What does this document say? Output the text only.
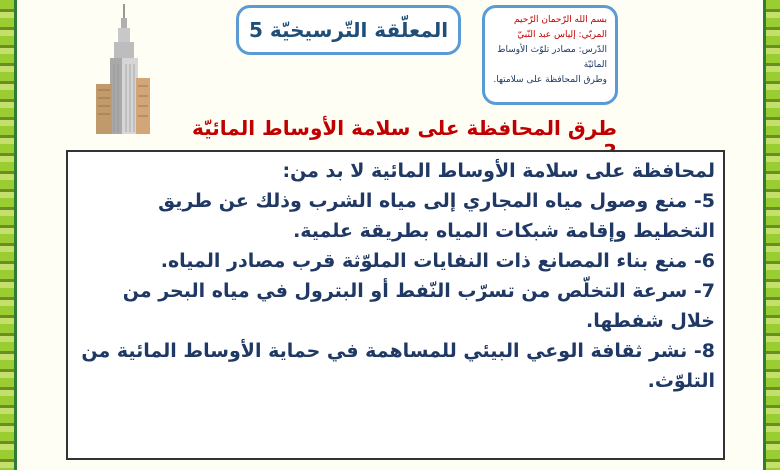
المعلّقة التّرسيخيّة 5	بسم الله الرّحمان الرّحيم
المربّي: إلياس عبد النّبيّ
الدّرس: مصادر تلوّث الأوساط المائيّة
وطرق المحافظة على سلامتها.
طرق المحافظة على سلامة الأوساط المائيّة

لمحافظة على سلامة الأوساط المائية لا بد من:

5- منع وصول مياه المجاري إلى مياه الشرب وذلك عن طريق التخطيط وإقامة شبكات المياه بطريقة علمية.

6- منع بناء المصانع ذات النفايات الملوّثة قرب مصادر المياه.

7- سرعة التخلّص من تسرّب النّفط أو البترول في مياه البحر من خلال شفطها.

8- نشر ثقافة الوعي البيئي للمساهمة في حماية الأوساط المائية من التلوّث.
